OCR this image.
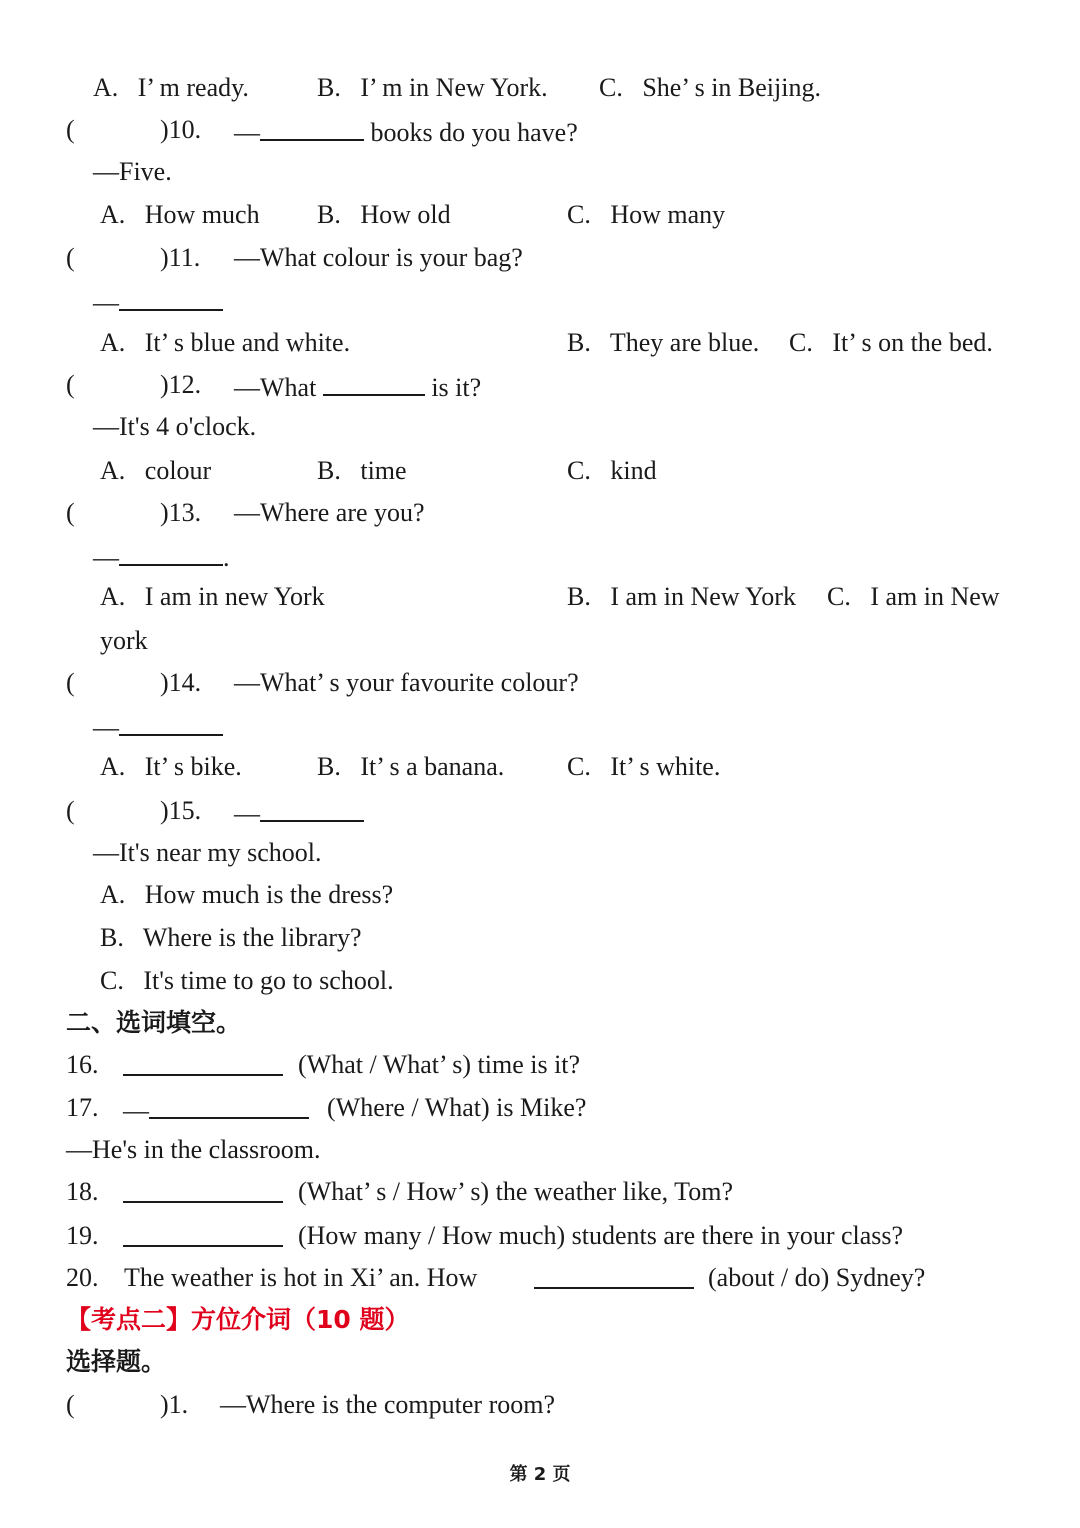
A.   I’ m ready.	B.   I’ m in New York. C.   She’ s in Beijing.
(	)10. —	books do you have?
—Five.
A.   How much B.   How old	C.   How many
(	)11. —What colour is your bag?
—
A.   It’ s blue and white.	B.   They are blue. C.   It’ s on the bed.
(	)12. —What	is it?
—It's 4 o'clock.
A.   colour	B.   time	C.   kind
(	)13. —Where are you?
—	.
A.   I am in new York	B.   I am in New York C.   I am in New
york
(	)14. —What’ s your favourite colour?
—
A.   It’ s bike.	B.   It’ s a banana. C.   It’ s white.
(	)15. —
—It's near my school.
A.   How much is the dress?
B.   Where is the library?
C.   It's time to go to school.
二、选词填空。
16.	(What / What’ s) time is it?
17. —	(Where / What) is Mike?
—He's in the classroom.
18.	(What’ s / How’ s) the weather like, Tom?
19.	(How many / How much) students are there in your class?
20. The weather is hot in Xi’ an. How	(about / do) Sydney?
【考点二】方位介词（10 题）
选择题。
(	)1. —Where is the computer room?
第 2 页
